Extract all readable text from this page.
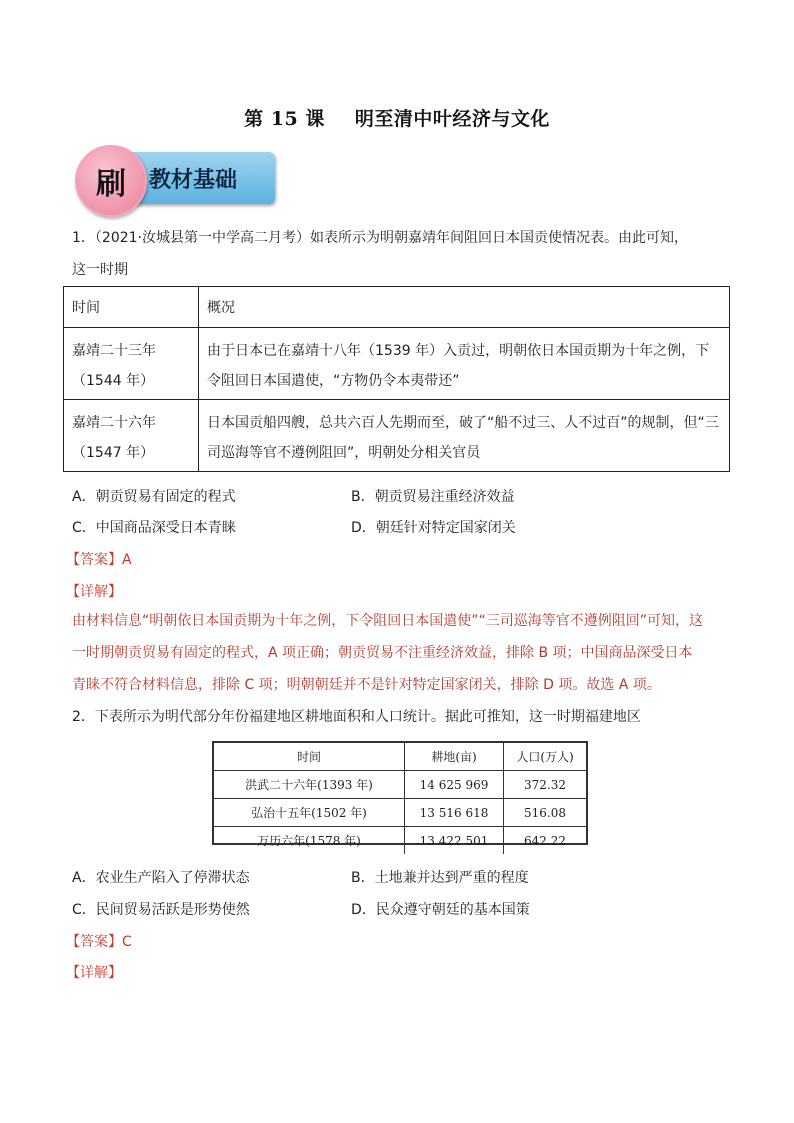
第 15 课 明至清中叶经济与文化
教材基础
刷
1．（2021·汝城县第一中学高二月考）如表所示为明朝嘉靖年间阻回日本国贡使情况表。由此可知，
这一时期
时间	概况

嘉靖二十三年
（1544 年）	由于日本已在嘉靖十八年（1539 年）入贡过，明朝依日本国贡期为十年之例，下令阻回日本国遣使，“方物仍令本夷带还”

嘉靖二十六年
（1547 年）	日本国贡船四艘，总共六百人先期而至，破了“船不过三、人不过百”的规制，但“三司巡海等官不遵例阻回”，明朝处分相关官员
A．朝贡贸易有固定的程式	B．朝贡贸易注重经济效益
C．中国商品深受日本青睐	D．朝廷针对特定国家闭关
【答案】A
【详解】
由材料信息“明朝依日本国贡期为十年之例，下令阻回日本国遣使”“三司巡海等官不遵例阻回”可知，这
一时期朝贡贸易有固定的程式，A 项正确；朝贡贸易不注重经济效益，排除 B 项；中国商品深受日本
青睐不符合材料信息，排除 C 项；明朝朝廷并不是针对特定国家闭关，排除 D 项。故选 A 项。
2．下表所示为明代部分年份福建地区耕地面积和人口统计。据此可推知，这一时期福建地区
时间	耕地(亩)	人口(万人)
洪武二十六年(1393 年)	14 625 969	372.32
弘治十五年(1502 年)	13 516 618	516.08
万历六年(1578 年)	13 422 501	642.22
A．农业生产陷入了停滞状态	B．土地兼并达到严重的程度
C．民间贸易活跃是形势使然	D．民众遵守朝廷的基本国策
【答案】C
【详解】
